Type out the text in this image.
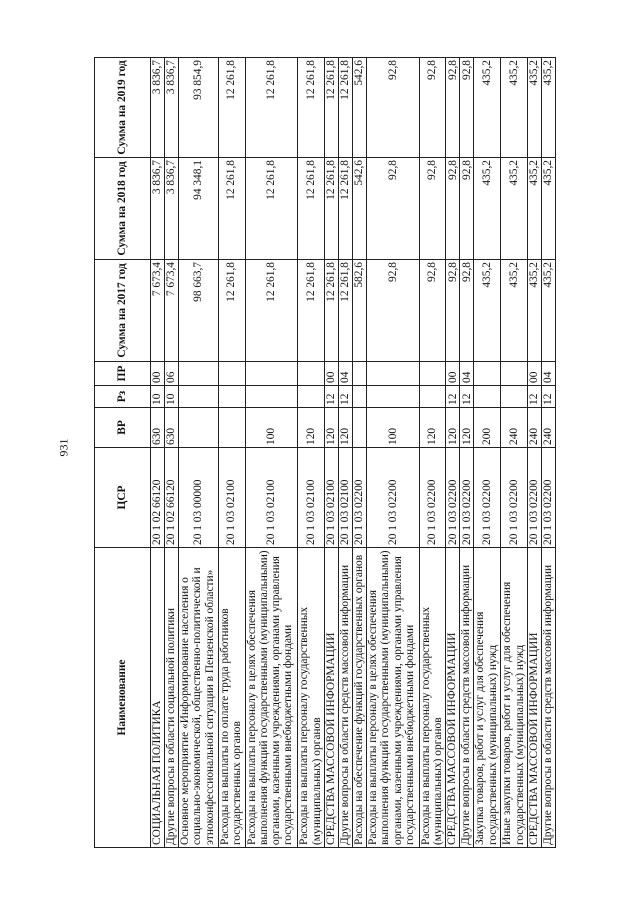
931
Наименование	ЦСР	ВР	Рз	ПР	Сумма на 2017 год	Сумма на 2018 год	Сумма на 2019 год
СОЦИАЛЬНАЯ ПОЛИТИКА	20 1 02 66120	630	10	00	7 673,4	3 836,7	3 836,7
Другие вопросы в области социальной политики	20 1 02 66120	630	10	06	7 673,4	3 836,7	3 836,7
Основное мероприятие «Информирование населения о социально-экономической, общественно-политической и этноконфессиональной ситуации в Пензенской области»	20 1 03 00000				98 663,7	94 348,1	93 854,9
Расходы на выплаты по оплате труда работников государственных органов	20 1 03 02100				12 261,8	12 261,8	12 261,8
Расходы на выплаты персоналу в целях обеспечения выполнения функций государственными (муниципальными) органами, казенными учреждениями, органами управления государственными внебюджетными фондами	20 1 03 02100	100			12 261,8	12 261,8	12 261,8
Расходы на выплаты персоналу государственных (муниципальных) органов	20 1 03 02100	120			12 261,8	12 261,8	12 261,8
СРЕДСТВА МАССОВОЙ ИНФОРМАЦИИ	20 1 03 02100	120	12	00	12 261,8	12 261,8	12 261,8
Другие вопросы в области средств массовой информации	20 1 03 02100	120	12	04	12 261,8	12 261,8	12 261,8
Расходы на обеспечение функций государственных органов	20 1 03 02200				582,6	542,6	542,6
Расходы на выплаты персоналу в целях обеспечения выполнения функций государственными (муниципальными) органами, казенными учреждениями, органами управления государственными внебюджетными фондами	20 1 03 02200	100			92,8	92,8	92,8
Расходы на выплаты персоналу государственных (муниципальных) органов	20 1 03 02200	120			92,8	92,8	92,8
СРЕДСТВА МАССОВОЙ ИНФОРМАЦИИ	20 1 03 02200	120	12	00	92,8	92,8	92,8
Другие вопросы в области средств массовой информации	20 1 03 02200	120	12	04	92,8	92,8	92,8
Закупка товаров, работ и услуг для обеспечения государственных (муниципальных) нужд	20 1 03 02200	200			435,2	435,2	435,2
Иные закупки товаров, работ и услуг для обеспечения государственных (муниципальных) нужд	20 1 03 02200	240			435,2	435,2	435,2
СРЕДСТВА МАССОВОЙ ИНФОРМАЦИИ	20 1 03 02200	240	12	00	435,2	435,2	435,2
Другие вопросы в области средств массовой информации	20 1 03 02200	240	12	04	435,2	435,2	435,2
